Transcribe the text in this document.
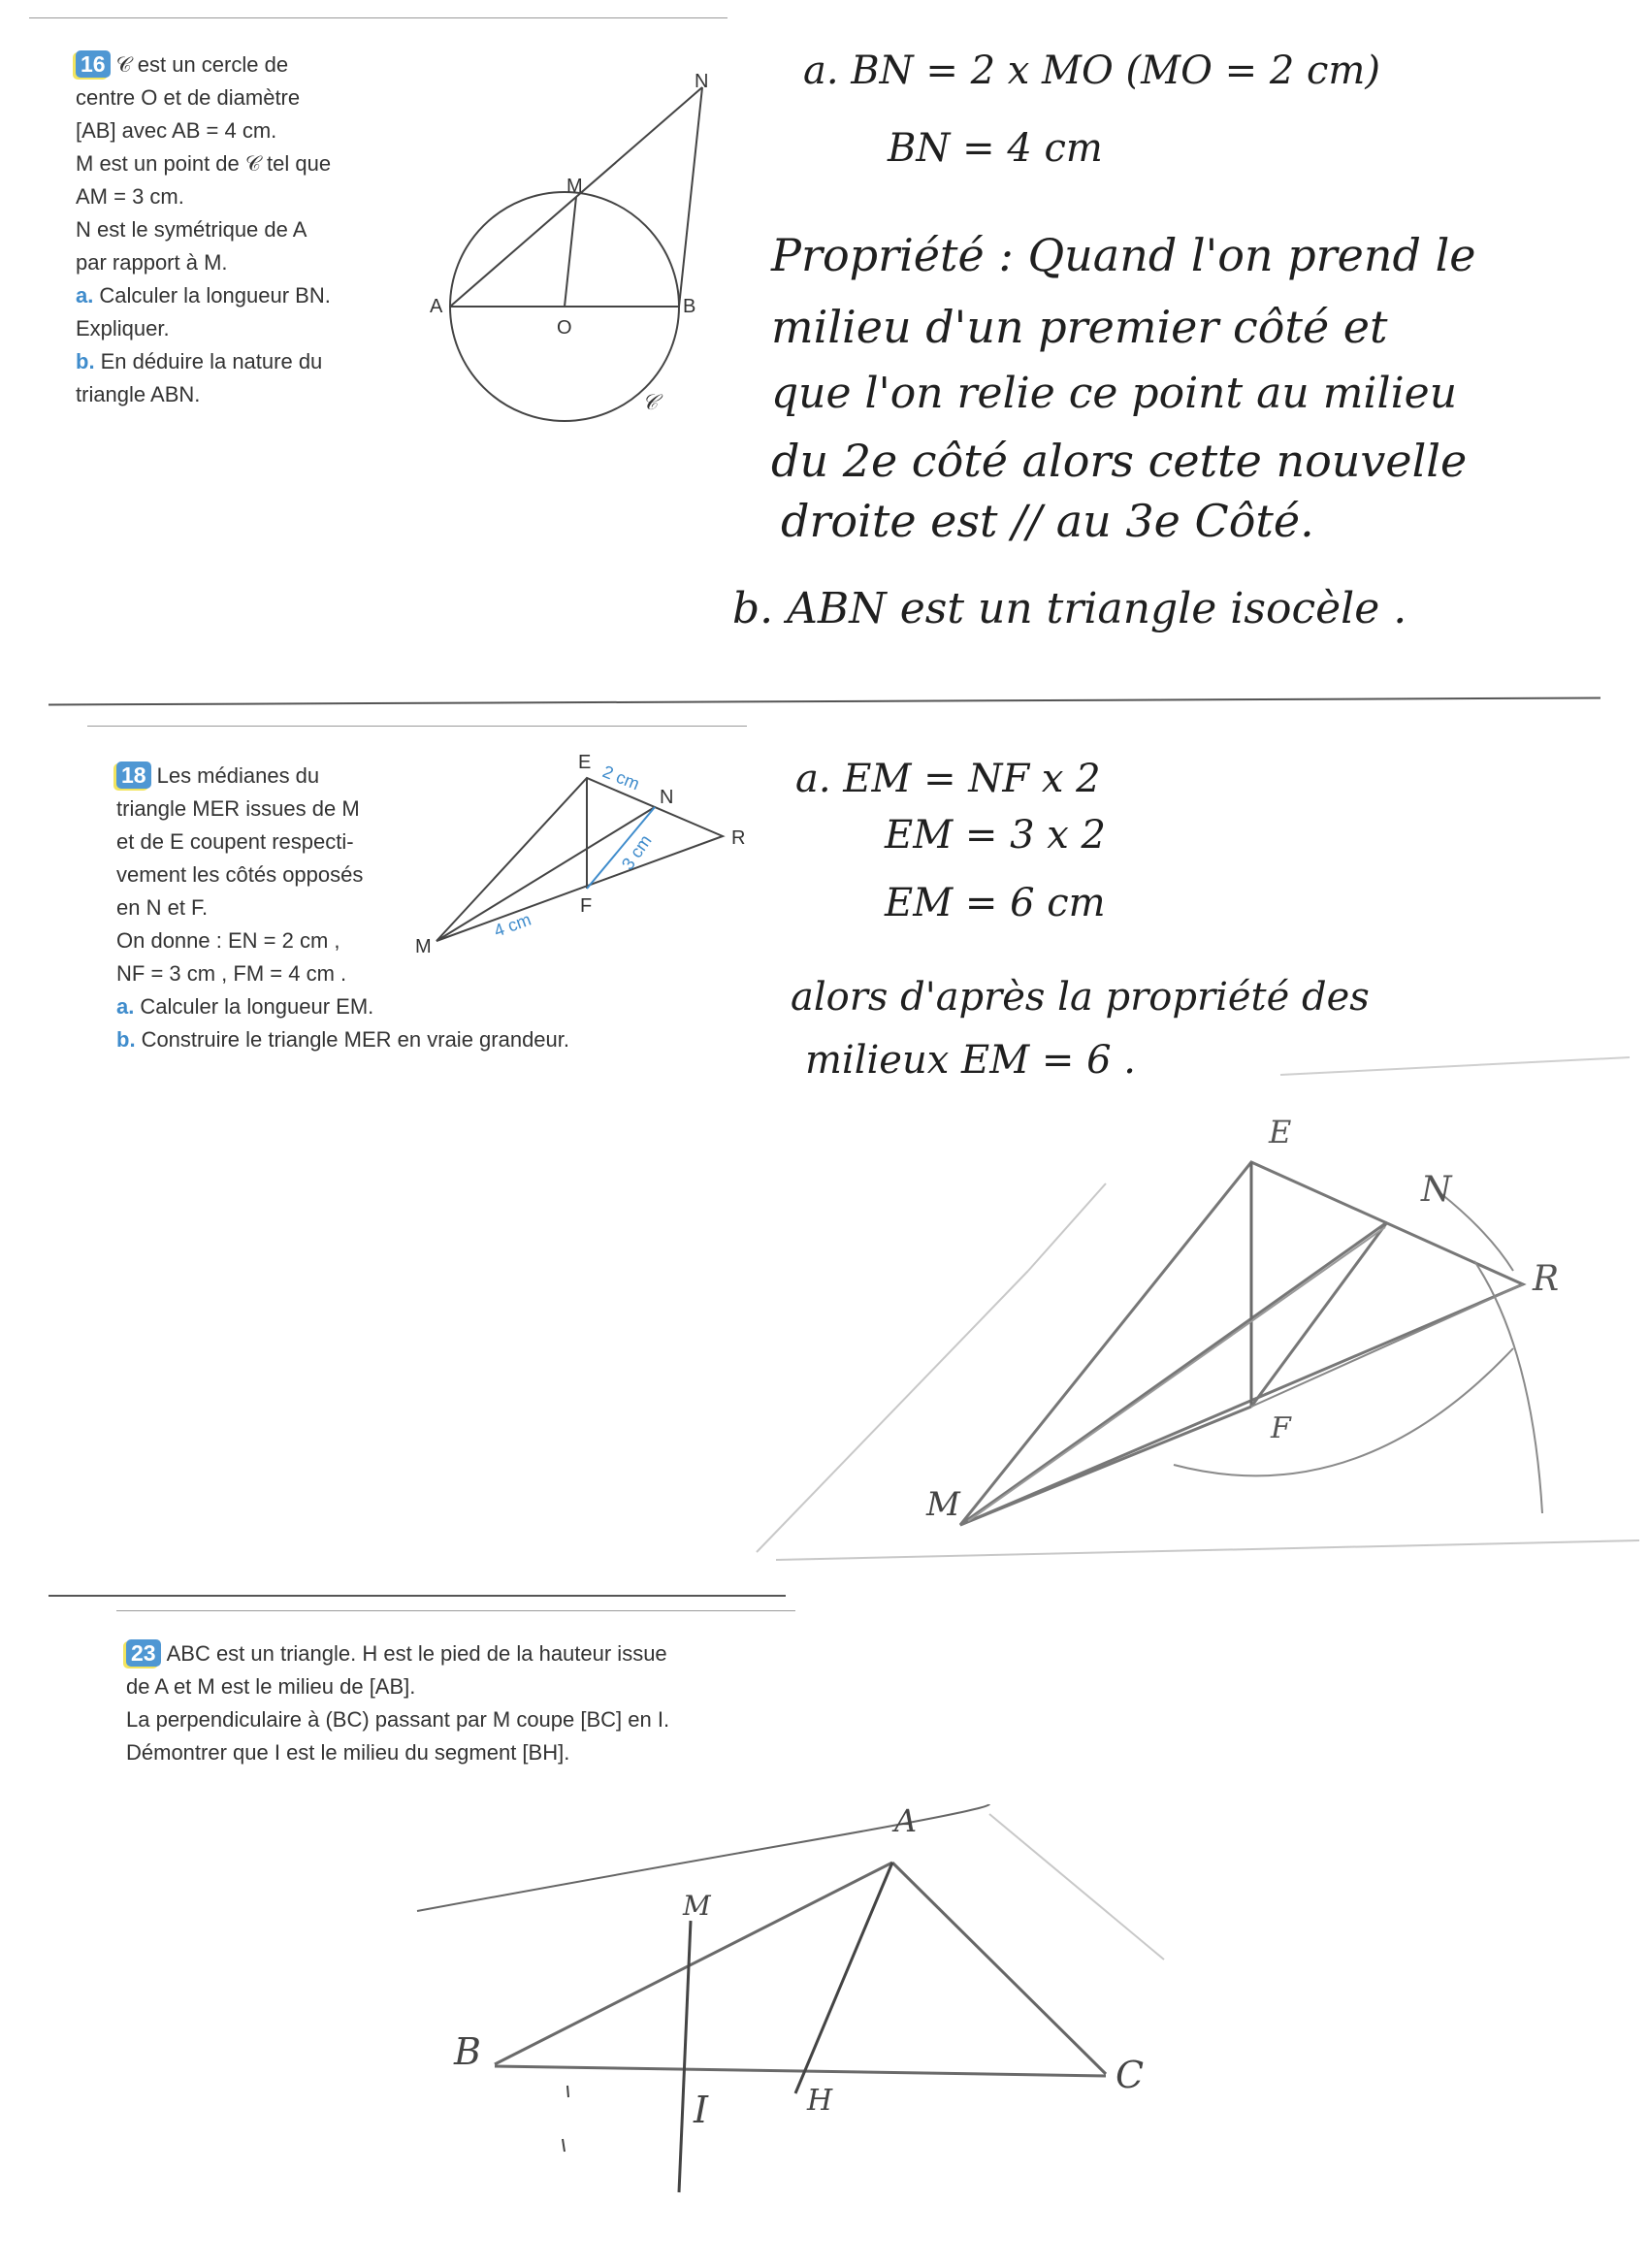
16 𝒞 est un cercle de
centre O et de diamètre
[AB] avec AB = 4 cm.
M est un point de 𝒞 tel que
AM = 3 cm.
N est le symétrique de A
par rapport à M.

a. Calculer la longueur BN.
Expliquer.

b. En déduire la nature du
triangle ABN.

N
M
A
O
B
𝒞
a. BN = 2 x MO (MO = 2 cm)
BN = 4 cm
Propriété : Quand l'on prend le
milieu d'un premier côté et
que l'on relie ce point au milieu
du 2e côté alors cette nouvelle
droite est // au 3e Côté.
b. ABN est un triangle isocèle .

18 Les médianes du
triangle MER issues de M
et de E coupent respecti-
vement les côtés opposés
en N et F.
On donne : EN = 2 cm ,
NF = 3 cm , FM = 4 cm .

a. Calculer la longueur EM.

b. Construire le triangle MER en vraie grandeur.

E
N
R
F
M
2 cm
3 cm
4 cm
a. EM = NF x 2
EM = 3 x 2
EM = 6 cm
alors d'après la propriété des
milieux EM = 6 .
E
N
R
F
M

23 ABC est un triangle. H est le pied de la hauteur issue
de A et M est le milieu de [AB].
La perpendiculaire à (BC) passant par M coupe [BC] en I.
Démontrer que I est le milieu du segment [BH].

A
M
B
C
H
I
